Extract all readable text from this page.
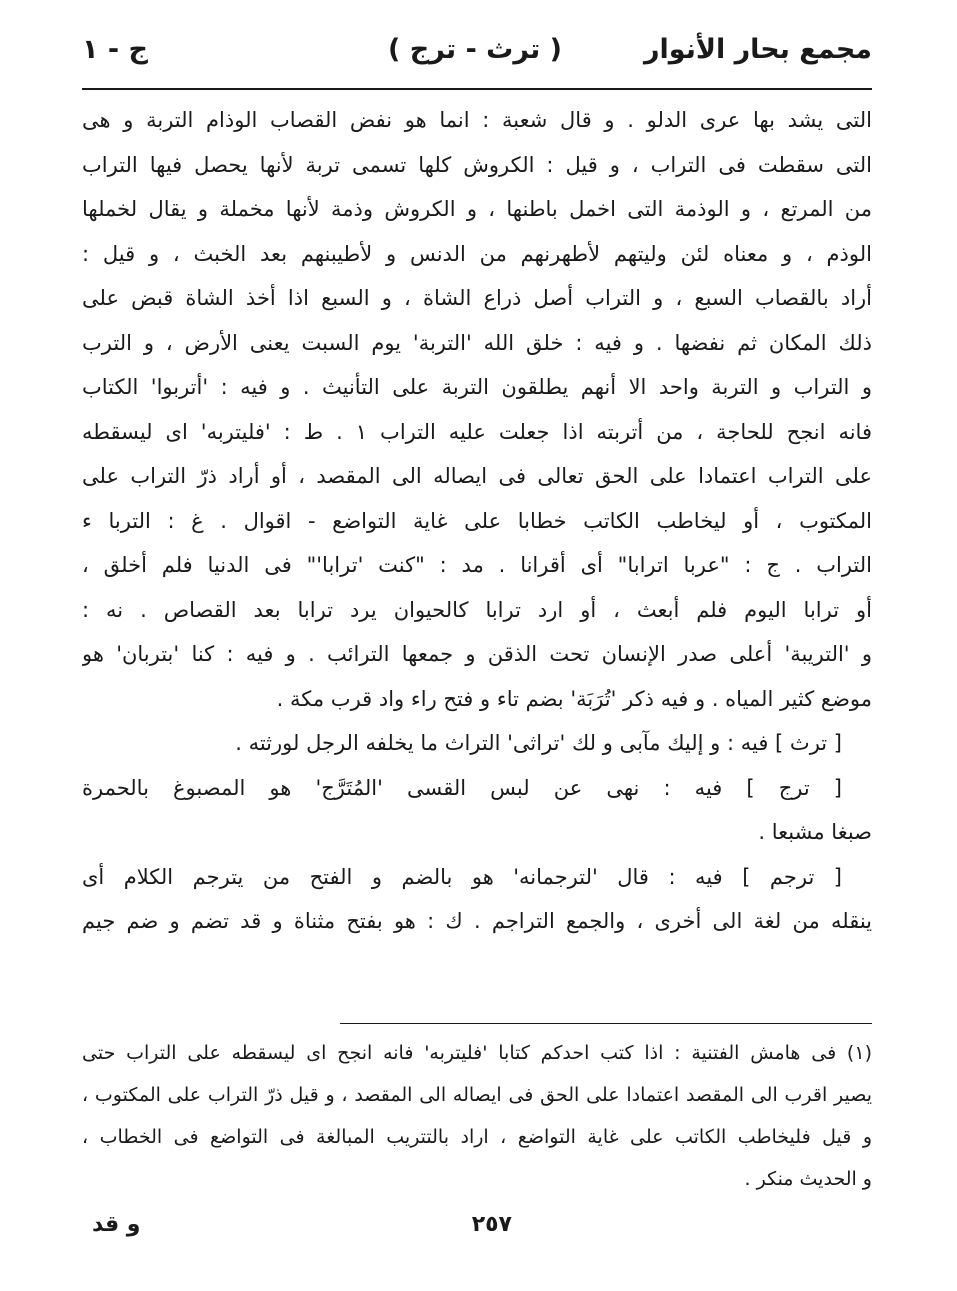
مجمع بحار الأنوار
( ترث - ترج )
ج - ١
التى يشد بها عرى الدلو . و قال شعبة : انما هو نفض القصاب الوذام التربة و هى
التى سقطت فى التراب ، و قيل : الكروش كلها تسمى تربة لأنها يحصل فيها التراب
من المرتع ، و الوذمة التى اخمل باطنها ، و الكروش وذمة لأنها مخملة و يقال لخملها
الوذم ، و معناه لئن وليتهم لأطهرنهم من الدنس و لأطيبنهم بعد الخبث ، و قيل :
أراد بالقصاب السبع ، و التراب أصل ذراع الشاة ، و السبع اذا أخذ الشاة قبض على
ذلك المكان ثم نفضها . و فيه : خلق الله 'التربة' يوم السبت يعنى الأرض ، و الترب
و التراب و التربة واحد الا أنهم يطلقون التربة على التأنيث . و فيه : 'أتربوا' الكتاب
فانه انجح للحاجة ، من أتربته اذا جعلت عليه التراب ١ . ط : 'فليتربه' اى ليسقطه
على التراب اعتمادا على الحق تعالى فى ايصاله الى المقصد ، أو أراد ذرّ التراب على
المكتوب ، أو ليخاطب الكاتب خطابا على غاية التواضع - اقوال . غ : التربا ء
التراب . ج : "عربا اترابا" أى أقرانا . مد : "كنت 'ترابا'" فى الدنيا فلم أخلق ،
أو ترابا اليوم فلم أبعث ، أو ارد ترابا كالحيوان يرد ترابا بعد القصاص . نه :
و 'التريبة' أعلى صدر الإنسان تحت الذقن و جمعها الترائب . و فيه : كنا 'بتربان' هو
موضع كثير المياه . و فيه ذكر 'تُرَبَة' بضم تاء و فتح راء واد قرب مكة .
[ ترث ] فيه : و إليك مآبى و لك 'تراثى' التراث ما يخلفه الرجل لورثته .
[ ترج ] فيه : نهى عن لبس القسى 'المُتَرَّج' هو المصبوغ بالحمرة
صبغا مشبعا .
[ ترجم ] فيه : قال 'لترجمانه' هو بالضم و الفتح من يترجم الكلام أى
ينقله من لغة الى أخرى ، والجمع التراجم . ك : هو بفتح مثناة و قد تضم و ضم جيم
(١) فى هامش الفتنية : اذا كتب احدكم كتابا 'فليتربه' فانه انجح اى ليسقطه على التراب حتى
يصير اقرب الى المقصد اعتمادا على الحق فى ايصاله الى المقصد ، و قيل ذرّ التراب على المكتوب ،
و قيل فليخاطب الكاتب على غاية التواضع ، اراد بالتتريب المبالغة فى التواضع فى الخطاب ،
و الحديث منكر .
٢٥٧
و قد
